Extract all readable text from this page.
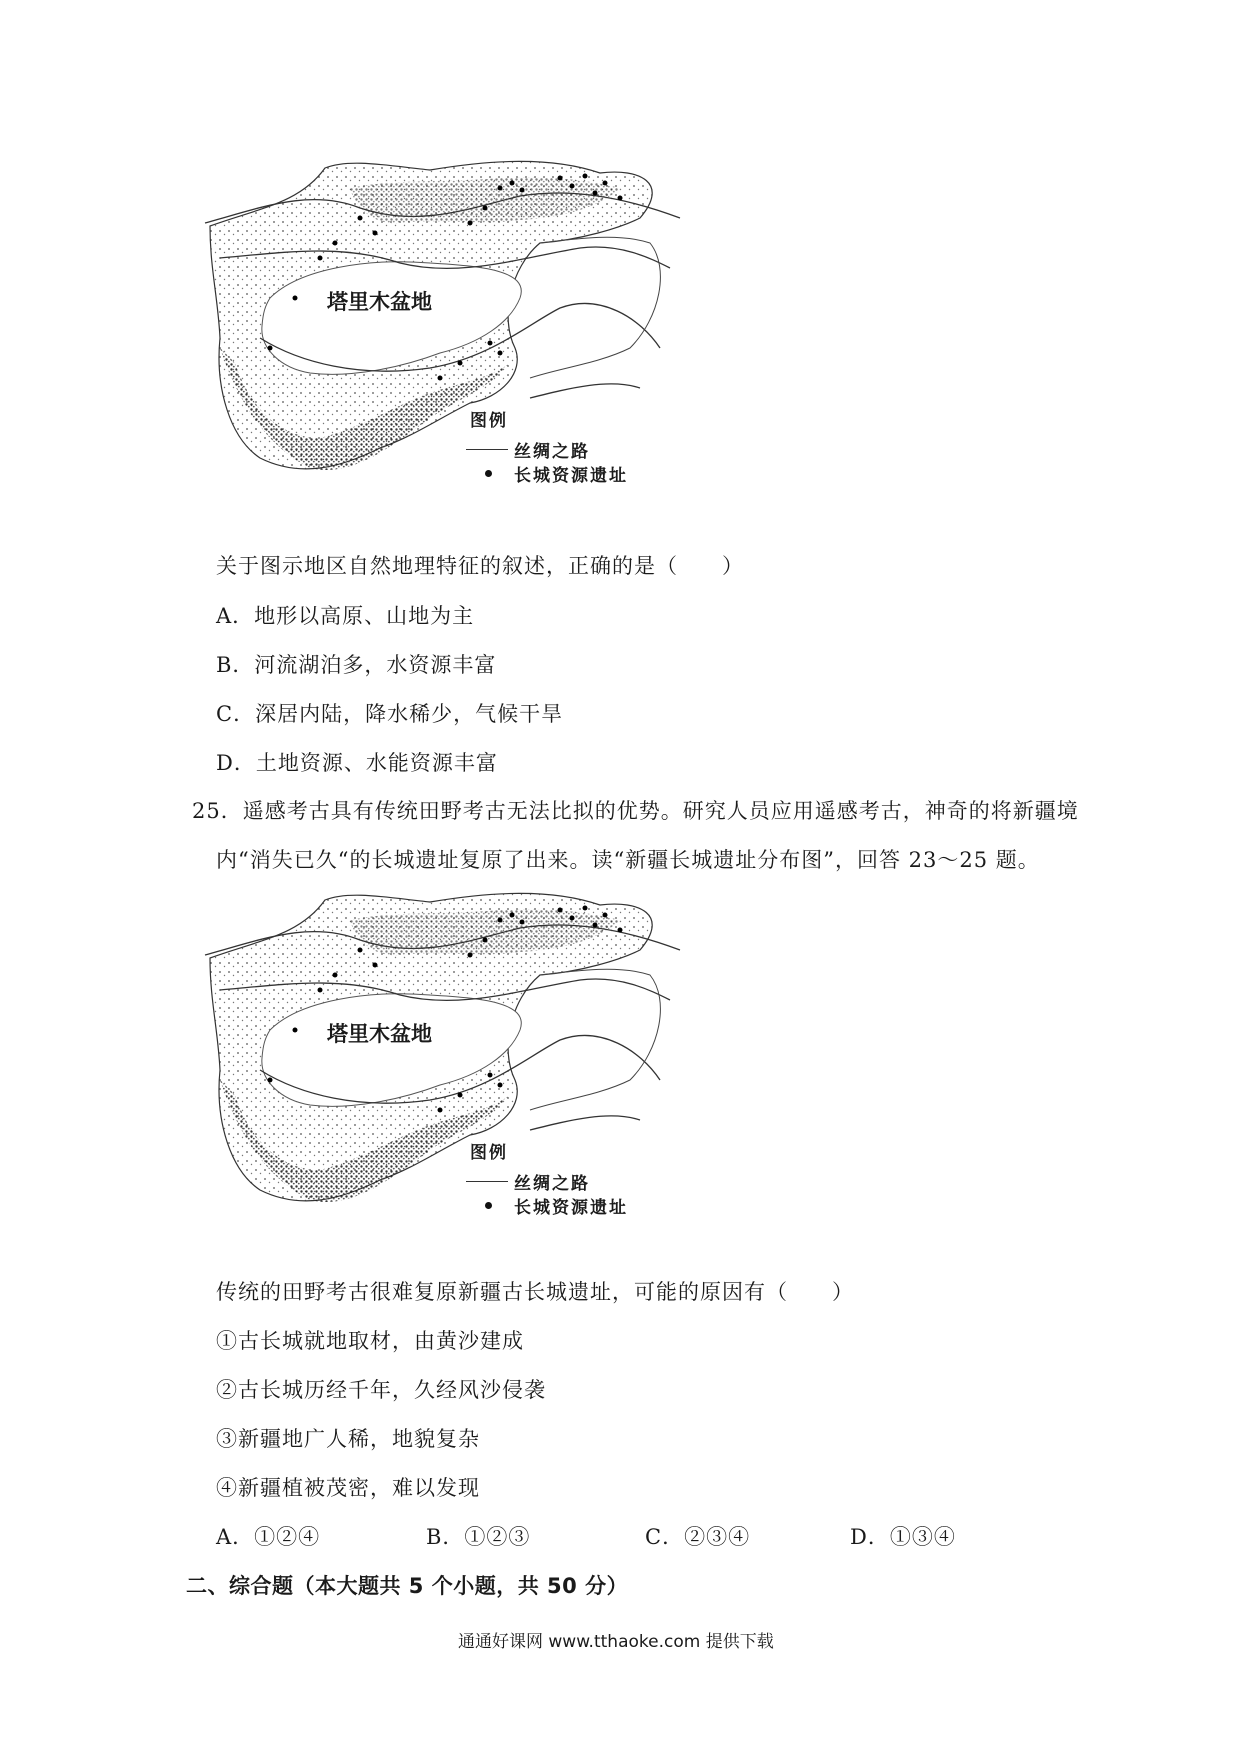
塔里木盆地
图例
丝绸之路
长城资源遗址
关于图示地区自然地理特征的叙述，正确的是（　　）
A．地形以高原、山地为主
B．河流湖泊多，水资源丰富
C．深居内陆，降水稀少，气候干旱
D．土地资源、水能资源丰富
25．遥感考古具有传统田野考古无法比拟的优势。研究人员应用遥感考古，神奇的将新疆境
内“消失已久“的长城遗址复原了出来。读“新疆长城遗址分布图”，回答 23～25 题。
塔里木盆地
图例
丝绸之路
长城资源遗址
传统的田野考古很难复原新疆古长城遗址，可能的原因有（　　）
①古长城就地取材，由黄沙建成
②古长城历经千年，久经风沙侵袭
③新疆地广人稀，地貌复杂
④新疆植被茂密，难以发现
A．①②④	B．①②③	C．②③④	D．①③④
二、综合题（本大题共 5 个小题，共 50 分）
通通好课网 www.tthaoke.com 提供下载
